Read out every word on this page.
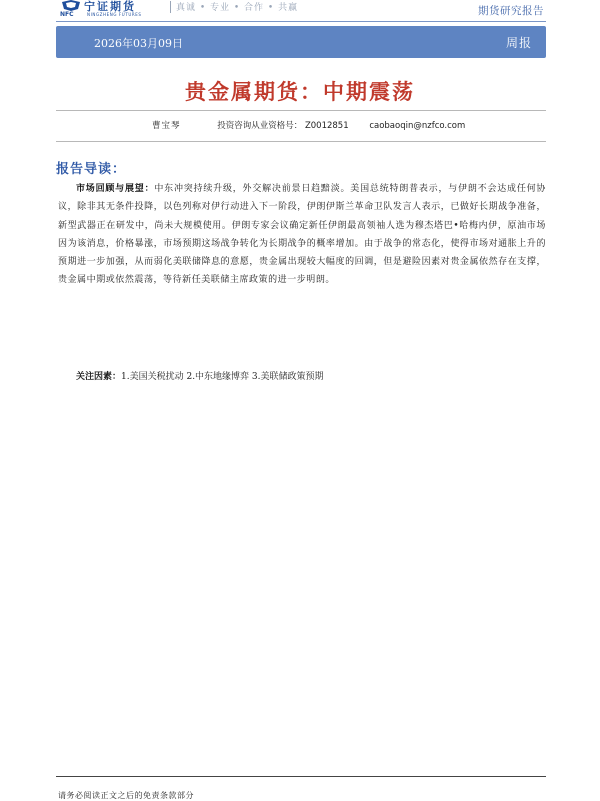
宁证期货
NFC	NINGZHENG FUTURES
真诚 • 专业 • 合作 • 共赢	期货研究报告
2026年03月09日	周报
贵金属期货：中期震荡
曹宝琴	投资咨询从业资格号： Z0012851 caobaoqin@nzfco.com
报告导读：

市场回顾与展望：中东冲突持续升级，外交解决前景日趋黯淡。美国总统特朗普表示，与伊朗不会达成任何协议，除非其无条件投降，以色列称对伊行动进入下一阶段，伊朗伊斯兰革命卫队发言人表示，已做好长期战争准备，新型武器正在研发中，尚未大规模使用。伊朗专家会议确定新任伊朗最高领袖人选为穆杰塔巴•哈梅内伊，原油市场因为该消息，价格暴涨，市场预期这场战争转化为长期战争的概率增加。由于战争的常态化，使得市场对通胀上升的预期进一步加强，从而弱化美联储降息的意愿，贵金属出现较大幅度的回调，但是避险因素对贵金属依然存在支撑，贵金属中期或依然震荡，等待新任美联储主席政策的进一步明朗。

关注因素：1.美国关税扰动 2.中东地缘博弈 3.美联储政策预期
请务必阅读正文之后的免责条款部分
